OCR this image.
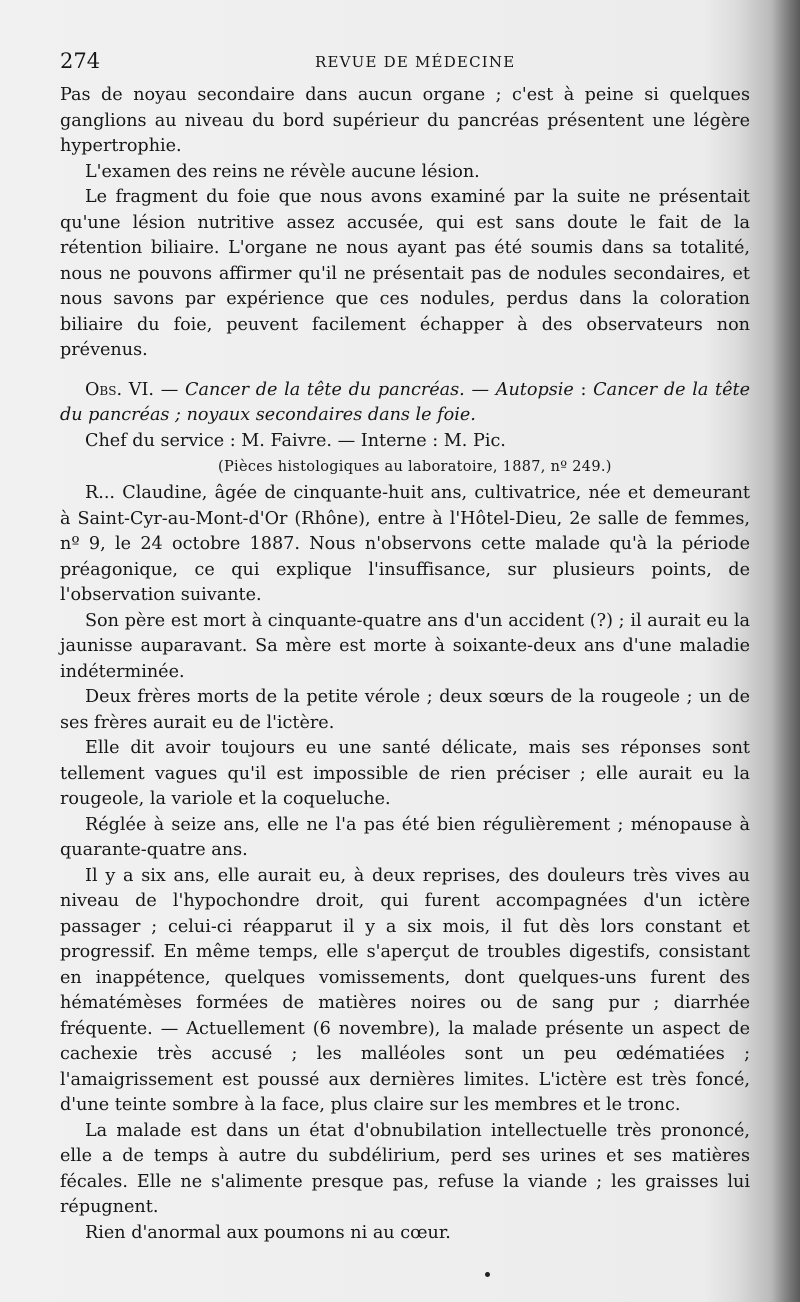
274	REVUE DE MÉDECINE

Pas de noyau secondaire dans aucun organe ; c'est à peine si quelques ganglions au niveau du bord supérieur du pancréas présentent une légère hypertrophie.

L'examen des reins ne révèle aucune lésion.

Le fragment du foie que nous avons examiné par la suite ne présentait qu'une lésion nutritive assez accusée, qui est sans doute le fait de la rétention biliaire. L'organe ne nous ayant pas été soumis dans sa totalité, nous ne pouvons affirmer qu'il ne présentait pas de nodules secondaires, et nous savons par expérience que ces nodules, perdus dans la coloration biliaire du foie, peuvent facilement échapper à des observateurs non prévenus.

Obs. VI. — Cancer de la tête du pancréas. — Autopsie : Cancer de la tête du pancréas ; noyaux secondaires dans le foie.

Chef du service : M. Faivre. — Interne : M. Pic.

(Pièces histologiques au laboratoire, 1887, nº 249.)

R... Claudine, âgée de cinquante-huit ans, cultivatrice, née et demeurant à Saint-Cyr-au-Mont-d'Or (Rhône), entre à l'Hôtel-Dieu, 2e salle de femmes, nº 9, le 24 octobre 1887. Nous n'observons cette malade qu'à la période préagonique, ce qui explique l'insuffisance, sur plusieurs points, de l'observation suivante.

Son père est mort à cinquante-quatre ans d'un accident (?) ; il aurait eu la jaunisse auparavant. Sa mère est morte à soixante-deux ans d'une maladie indéterminée.

Deux frères morts de la petite vérole ; deux sœurs de la rougeole ; un de ses frères aurait eu de l'ictère.

Elle dit avoir toujours eu une santé délicate, mais ses réponses sont tellement vagues qu'il est impossible de rien préciser ; elle aurait eu la rougeole, la variole et la coqueluche.

Réglée à seize ans, elle ne l'a pas été bien régulièrement ; ménopause à quarante-quatre ans.

Il y a six ans, elle aurait eu, à deux reprises, des douleurs très vives au niveau de l'hypochondre droit, qui furent accompagnées d'un ictère passager ; celui-ci réapparut il y a six mois, il fut dès lors constant et progressif. En même temps, elle s'aperçut de troubles digestifs, consistant en inappétence, quelques vomissements, dont quelques-uns furent des hématémèses formées de matières noires ou de sang pur ; diarrhée fréquente. — Actuellement (6 novembre), la malade présente un aspect de cachexie très accusé ; les malléoles sont un peu œdématiées ; l'amaigrissement est poussé aux dernières limites. L'ictère est très foncé, d'une teinte sombre à la face, plus claire sur les membres et le tronc.

La malade est dans un état d'obnubilation intellectuelle très prononcé, elle a de temps à autre du subdélirium, perd ses urines et ses matières fécales. Elle ne s'alimente presque pas, refuse la viande ; les graisses lui répugnent.

Rien d'anormal aux poumons ni au cœur.
